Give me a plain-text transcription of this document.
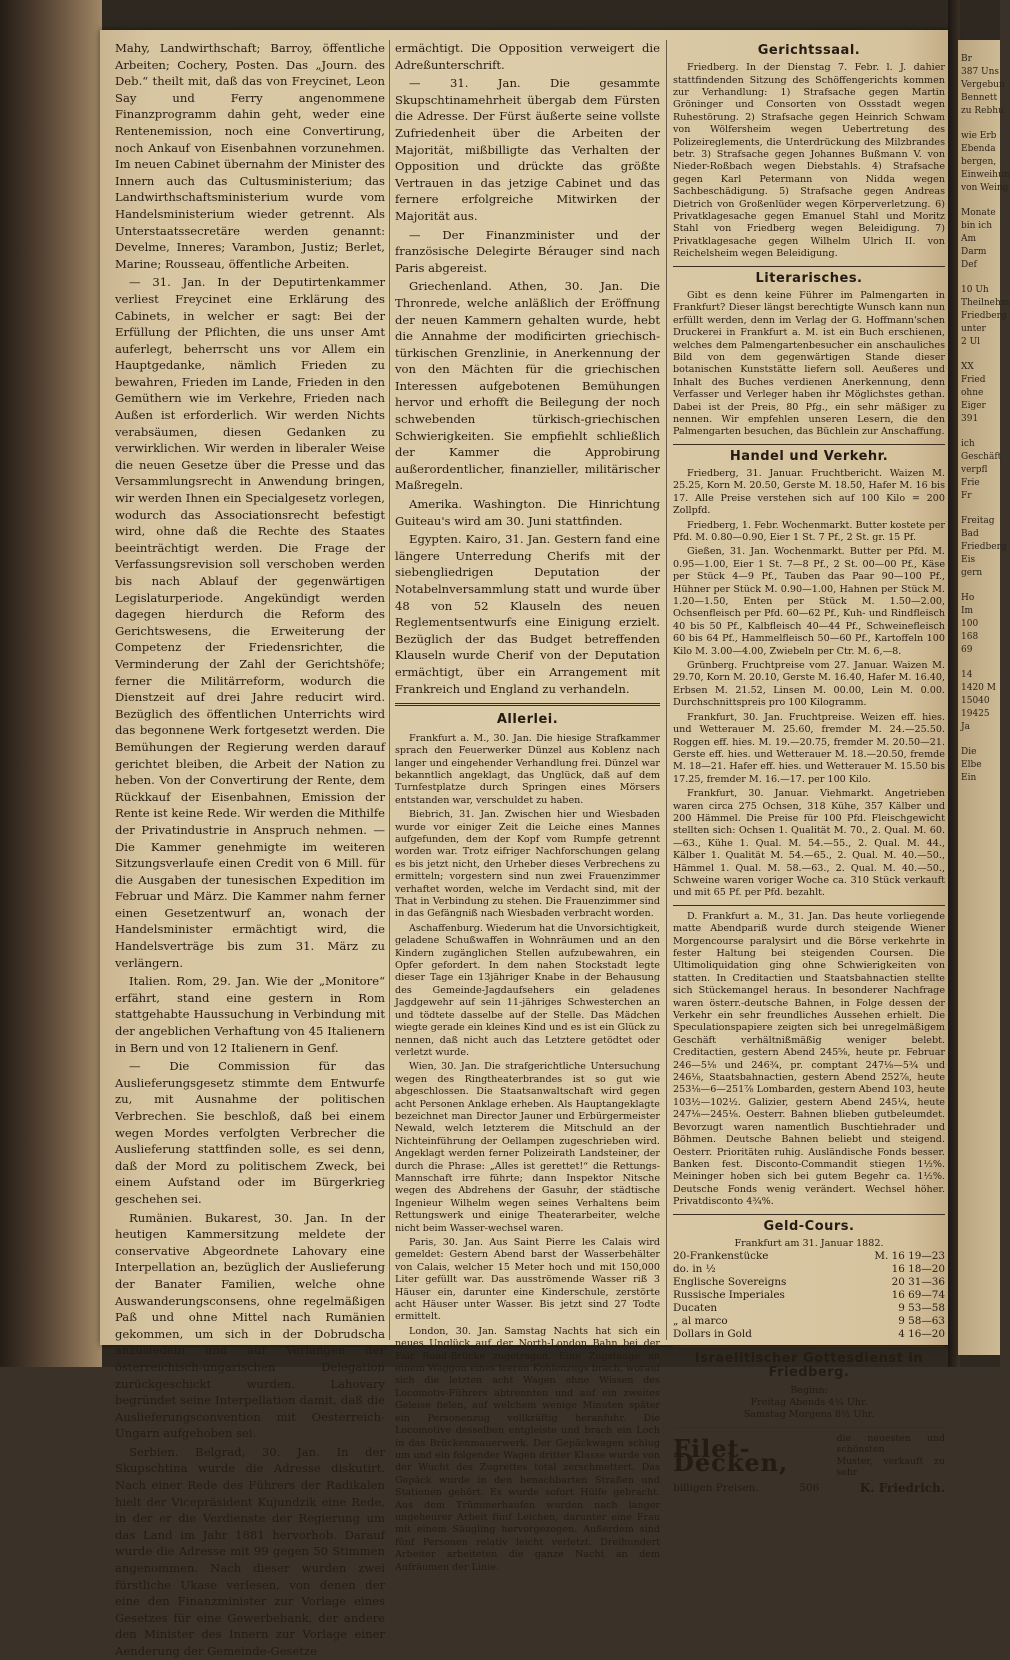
Br
387 Uns
Vergebun
Bennett
zu Rebhu
wie Erb
Ebenda
bergen,
Einweihun
von Weing
Monate
bin ich
Am
Darm
Def
10 Uh
Theilnehm
Friedberg
unter
2 Ul
XX
Fried
ohne
Eiger
391
ich
Geschäft
verpfl
Frie
Fr
Freitag
Bad
Friedberg
Eis
gern
Ho
Im
100
168
69
14
1420 M
15040
19425
Ja
Die
Elbe
Ein

Mahy, Landwirthschaft; Barroy, öffentliche Arbeiten; Cochery, Posten. Das „Journ. des Deb.“ theilt mit, daß das von Freycinet, Leon Say und Ferry angenommene Finanzprogramm dahin geht, weder eine Rentenemission, noch eine Convertirung, noch Ankauf von Eisenbahnen vorzunehmen. Im neuen Cabinet übernahm der Minister des Innern auch das Cultusministerium; das Landwirthschaftsministerium wurde vom Handelsministerium wieder getrennt. Als Unterstaatssecretäre werden genannt: Develme, Inneres; Varambon, Justiz; Berlet, Marine; Rousseau, öffentliche Arbeiten.

— 31. Jan. In der Deputirtenkammer verliest Freycinet eine Erklärung des Cabinets, in welcher er sagt: Bei der Erfüllung der Pflichten, die uns unser Amt auferlegt, beherrscht uns vor Allem ein Hauptgedanke, nämlich Frieden zu bewahren, Frieden im Lande, Frieden in den Gemüthern wie im Verkehre, Frieden nach Außen ist erforderlich. Wir werden Nichts verabsäumen, diesen Gedanken zu verwirklichen. Wir werden in liberaler Weise die neuen Gesetze über die Presse und das Versammlungsrecht in Anwendung bringen, wir werden Ihnen ein Specialgesetz vorlegen, wodurch das Associationsrecht befestigt wird, ohne daß die Rechte des Staates beeinträchtigt werden. Die Frage der Verfassungsrevision soll verschoben werden bis nach Ablauf der gegenwärtigen Legislaturperiode. Angekündigt werden dagegen hierdurch die Reform des Gerichtswesens, die Erweiterung der Competenz der Friedensrichter, die Verminderung der Zahl der Gerichtshöfe; ferner die Militärreform, wodurch die Dienstzeit auf drei Jahre reducirt wird. Bezüglich des öffentlichen Unterrichts wird das begonnene Werk fortgesetzt werden. Die Bemühungen der Regierung werden darauf gerichtet bleiben, die Arbeit der Nation zu heben. Von der Convertirung der Rente, dem Rückkauf der Eisenbahnen, Emission der Rente ist keine Rede. Wir werden die Mithilfe der Privatindustrie in Anspruch nehmen. — Die Kammer genehmigte im weiteren Sitzungsverlaufe einen Credit von 6 Mill. für die Ausgaben der tunesischen Expedition im Februar und März. Die Kammer nahm ferner einen Gesetzentwurf an, wonach der Handelsminister ermächtigt wird, die Handelsverträge bis zum 31. März zu verlängern.

Italien. Rom, 29. Jan. Wie der „Monitore“ erfährt, stand eine gestern in Rom stattgehabte Haussuchung in Verbindung mit der angeblichen Verhaftung von 45 Italienern in Bern und von 12 Italienern in Genf.

— Die Commission für das Auslieferungsgesetz stimmte dem Entwurfe zu, mit Ausnahme der politischen Verbrechen. Sie beschloß, daß bei einem wegen Mordes verfolgten Verbrecher die Auslieferung stattfinden solle, es sei denn, daß der Mord zu politischem Zweck, bei einem Aufstand oder im Bürgerkrieg geschehen sei.

Rumänien. Bukarest, 30. Jan. In der heutigen Kammersitzung meldete der conservative Abgeordnete Lahovary eine Interpellation an, bezüglich der Auslieferung der Banater Familien, welche ohne Auswanderungsconsens, ohne regelmäßigen Paß und ohne Mittel nach Rumänien gekommen, um sich in der Dobrudscha anzusiedeln und auf Verlangen der österreichisch-ungarischen Delegation zurückgeschickt wurden. Lahovary begründet seine Interpellation damit, daß die Auslieferungsconvention mit Oesterreich-Ungarn aufgehoben sei.

Serbien. Belgrad, 30. Jan. In der Skupschtina wurde die Adresse diskutirt. Nach einer Rede des Führers der Radikalen hielt der Vicepräsident Kujundzik eine Rede, in der er die Verdienste der Regierung um das Land im Jahr 1881 hervorhob. Darauf wurde die Adresse mit 99 gegen 50 Stimmen angenommen. Nach dieser wurden zwei fürstliche Ukase verlesen, von denen der eine den Finanzminister zur Vorlage eines Gesetzes für eine Gewerbebank, der andere den Minister des Innern zur Vorlage einer Aenderung der Gemeinde-Gesetze

ermächtigt. Die Opposition verweigert die Adreßunterschrift.

— 31. Jan. Die gesammte Skupschtinamehrheit übergab dem Fürsten die Adresse. Der Fürst äußerte seine vollste Zufriedenheit über die Arbeiten der Majorität, mißbilligte das Verhalten der Opposition und drückte das größte Vertrauen in das jetzige Cabinet und das fernere erfolgreiche Mitwirken der Majorität aus.

— Der Finanzminister und der französische Delegirte Bérauger sind nach Paris abgereist.

Griechenland. Athen, 30. Jan. Die Thronrede, welche anläßlich der Eröffnung der neuen Kammern gehalten wurde, hebt die Annahme der modificirten griechisch-türkischen Grenzlinie, in Anerkennung der von den Mächten für die griechischen Interessen aufgebotenen Bemühungen hervor und erhofft die Beilegung der noch schwebenden türkisch-griechischen Schwierigkeiten. Sie empfiehlt schließlich der Kammer die Approbirung außerordentlicher, finanzieller, militärischer Maßregeln.

Amerika. Washington. Die Hinrichtung Guiteau's wird am 30. Juni stattfinden.

Egypten. Kairo, 31. Jan. Gestern fand eine längere Unterredung Cherifs mit der siebengliedrigen Deputation der Notabelnversammlung statt und wurde über 48 von 52 Klauseln des neuen Reglementsentwurfs eine Einigung erzielt. Bezüglich der das Budget betreffenden Klauseln wurde Cherif von der Deputation ermächtigt, über ein Arrangement mit Frankreich und England zu verhandeln.

Allerlei.

Frankfurt a. M., 30. Jan. Die hiesige Strafkammer sprach den Feuerwerker Dünzel aus Koblenz nach langer und eingehender Verhandlung frei. Dünzel war bekanntlich angeklagt, das Unglück, daß auf dem Turnfestplatze durch Springen eines Mörsers entstanden war, verschuldet zu haben.

Biebrich, 31. Jan. Zwischen hier und Wiesbaden wurde vor einiger Zeit die Leiche eines Mannes aufgefunden, dem der Kopf vom Rumpfe getrennt worden war. Trotz eifriger Nachforschungen gelang es bis jetzt nicht, den Urheber dieses Verbrechens zu ermitteln; vorgestern sind nun zwei Frauenzimmer verhaftet worden, welche im Verdacht sind, mit der That in Verbindung zu stehen. Die Frauenzimmer sind in das Gefängniß nach Wiesbaden verbracht worden.

Aschaffenburg. Wiederum hat die Unvorsichtigkeit, geladene Schußwaffen in Wohnräumen und an den Kindern zugänglichen Stellen aufzubewahren, ein Opfer gefordert. In dem nahen Stockstadt legte dieser Tage ein 13jähriger Knabe in der Behausung des Gemeinde-Jagdaufsehers ein geladenes Jagdgewehr auf sein 11-jähriges Schwesterchen an und tödtete dasselbe auf der Stelle. Das Mädchen wiegte gerade ein kleines Kind und es ist ein Glück zu nennen, daß nicht auch das Letztere getödtet oder verletzt wurde.

Wien, 30. Jan. Die strafgerichtliche Untersuchung wegen des Ringtheaterbrandes ist so gut wie abgeschlossen. Die Staatsanwaltschaft wird gegen acht Personen Anklage erheben. Als Hauptangeklagte bezeichnet man Director Jauner und Erbürgermeister Newald, welch letzterem die Mitschuld an der Nichteinführung der Oellampen zugeschrieben wird. Angeklagt werden ferner Polizeirath Landsteiner, der durch die Phrase: „Alles ist gerettet!“ die Rettungs-Mannschaft irre führte; dann Inspektor Nitsche wegen des Abdrehens der Gasuhr, der städtische Ingenieur Wilhelm wegen seines Verhaltens beim Rettungswerk und einige Theaterarbeiter, welche nicht beim Wasser-wechsel waren.

Paris, 30. Jan. Aus Saint Pierre les Calais wird gemeldet: Gestern Abend barst der Wasserbehälter von Calais, welcher 15 Meter hoch und mit 150,000 Liter gefüllt war. Das ausströmende Wasser riß 3 Häuser ein, darunter eine Kinderschule, zerstörte acht Häuser unter Wasser. Bis jetzt sind 27 Todte ermittelt.

London, 30. Jan. Samstag Nachts hat sich ein neues Unglück auf der North-London Bahn bei der Fair Road-Brücke zugetragen. Eine Zugstange an einem Waggon eines leeren Kohlenzugs brach, worauf sich die letzten acht Wagen ohne Wissen des Locomotiv-Führers abtrennten und auf ein zweites Geleise fielen, auf welchem wenige Minuten später ein Personenzug vollkräftig heranfuhr. Die Locomotive desselben entgleiste und brach ein Loch in das Brückenmauerwerk. Der Gepäckwagen schlug um und ein folgender Wagen dritter Klasse wurde von der Wucht des Zugrettes total zerschmettert. Das Gepäck wurde in den benachbarten Straßen und Stationen gehört. Es wurde sofort Hülfe gebracht. Aus dem Trümmerhaufen wurden nach langer ungeheurer Arbeit fünf Leichen, darunter eine Frau mit einem Säugling hervorgezogen. Außerdem sind fünf Personen relativ leicht verletzt. Dreihundert Arbeiter arbeiteten die ganze Nacht an dem Aufräumen der Linie.

Gerichtssaal.

Friedberg. In der Dienstag 7. Febr. l. J. dahier stattfindenden Sitzung des Schöffengerichts kommen zur Verhandlung: 1) Strafsache gegen Martin Gröninger und Consorten von Ossstadt wegen Ruhestörung. 2) Strafsache gegen Heinrich Schwam von Wölfersheim wegen Uebertretung des Polizeireglements, die Unterdrückung des Milzbrandes betr. 3) Strafsache gegen Johannes Bußmann V. von Nieder-Roßbach wegen Diebstahls. 4) Strafsache gegen Karl Petermann von Nidda wegen Sachbeschädigung. 5) Strafsache gegen Andreas Dietrich von Großenlüder wegen Körperverletzung. 6) Privatklagesache gegen Emanuel Stahl und Moritz Stahl von Friedberg wegen Beleidigung. 7) Privatklagesache gegen Wilhelm Ulrich II. von Reichelsheim wegen Beleidigung.

Literarisches.

Gibt es denn keine Führer im Palmengarten in Frankfurt? Dieser längst berechtigte Wunsch kann nun erfüllt werden, denn im Verlag der G. Hoffmann'schen Druckerei in Frankfurt a. M. ist ein Buch erschienen, welches dem Palmengartenbesucher ein anschauliches Bild von dem gegenwärtigen Stande dieser botanischen Kunststätte liefern soll. Aeußeres und Inhalt des Buches verdienen Anerkennung, denn Verfasser und Verleger haben ihr Möglichstes gethan. Dabei ist der Preis, 80 Pfg., ein sehr mäßiger zu nennen. Wir empfehlen unseren Lesern, die den Palmengarten besuchen, das Büchlein zur Anschaffung.

Handel und Verkehr.

Friedberg, 31. Januar. Fruchtbericht. Waizen M. 25.25, Korn M. 20.50, Gerste M. 18.50, Hafer M. 16 bis 17. Alle Preise verstehen sich auf 100 Kilo = 200 Zollpfd.

Friedberg, 1. Febr. Wochenmarkt. Butter kostete per Pfd. M. 0.80—0.90, Eier 1 St. 7 Pf., 2 St. gr. 15 Pf.

Gießen, 31. Jan. Wochenmarkt. Butter per Pfd. M. 0.95—1.00, Eier 1 St. 7—8 Pf., 2 St. 00—00 Pf., Käse per Stück 4—9 Pf., Tauben das Paar 90—100 Pf., Hühner per Stück M. 0.90—1.00, Hahnen per Stück M. 1.20—1.50, Enten per Stück M. 1.50—2.00, Ochsenfleisch per Pfd. 60—62 Pf., Kuh- und Rindfleisch 40 bis 50 Pf., Kalbfleisch 40—44 Pf., Schweinefleisch 60 bis 64 Pf., Hammelfleisch 50—60 Pf., Kartoffeln 100 Kilo M. 3.00—4.00, Zwiebeln per Ctr. M. 6,—8.

Grünberg. Fruchtpreise vom 27. Januar. Waizen M. 29.70, Korn M. 20.10, Gerste M. 16.40, Hafer M. 16.40, Erbsen M. 21.52, Linsen M. 00.00, Lein M. 0.00. Durchschnittspreis pro 100 Kilogramm.

Frankfurt, 30. Jan. Fruchtpreise. Weizen eff. hies. und Wetterauer M. 25.60, fremder M. 24.—25.50. Roggen eff. hies. M. 19.—20.75, fremder M. 20.50—21. Gerste eff. hies. und Wetterauer M. 18.—20.50, fremde M. 18—21. Hafer eff. hies. und Wetterauer M. 15.50 bis 17.25, fremder M. 16.—17. per 100 Kilo.

Frankfurt, 30. Januar. Viehmarkt. Angetrieben waren circa 275 Ochsen, 318 Kühe, 357 Kälber und 200 Hämmel. Die Preise für 100 Pfd. Fleischgewicht stellten sich: Ochsen 1. Qualität M. 70., 2. Qual. M. 60.—63., Kühe 1. Qual. M. 54.—55., 2. Qual. M. 44., Kälber 1. Qualität M. 54.—65., 2. Qual. M. 40.—50., Hämmel 1. Qual. M. 58.—63., 2. Qual. M. 40.—50., Schweine waren voriger Woche ca. 310 Stück verkauft und mit 65 Pf. per Pfd. bezahlt.

D. Frankfurt a. M., 31. Jan. Das heute vorliegende matte Abendpariß wurde durch steigende Wiener Morgencourse paralysirt und die Börse verkehrte in fester Haltung bei steigenden Coursen. Die Ultimoliquidation ging ohne Schwierigkeiten von statten. In Creditactien und Staatsbahnactien stellte sich Stückemangel heraus. In besonderer Nachfrage waren österr.-deutsche Bahnen, in Folge dessen der Verkehr ein sehr freundliches Aussehen erhielt. Die Speculationspapiere zeigten sich bei unregelmäßigem Geschäft verhältnißmäßig weniger belebt. Creditactien, gestern Abend 245⅝, heute pr. Februar 246—5⅛ und 246¾, pr. comptant 247⅛—5¾ und 246⅛, Staatsbahnactien, gestern Abend 252⅞, heute 253⅛—6—251⅞ Lombarden, gestern Abend 103, heute 103½—102½. Galizier, gestern Abend 245¼, heute 247⅛—245⅛. Oesterr. Bahnen blieben gutbeleumdet. Bevorzugt waren namentlich Buschtiehrader und Böhmen. Deutsche Bahnen beliebt und steigend. Oesterr. Prioritäten ruhig. Ausländische Fonds besser. Banken fest. Disconto-Commandit stiegen 1½%. Meininger hoben sich bei gutem Begehr ca. 1½%. Deutsche Fonds wenig verändert. Wechsel höher. Privatdisconto 4¾%.

Geld-Cours.
Frankfurt am 31. Januar 1882.
20-Frankenstücke	M. 16 19—23
do. in ½	16 18—20
Englische Sovereigns	20 31—36
Russische Imperiales	16 69—74
Ducaten	9 53—58
„ al marco	9 58—63
Dollars in Gold	4 16—20
Israelitischer Gottesdienst in Friedberg.
Beginn:
Freitag Abends 4¾ Uhr.
Samstag Morgens 8½ Uhr.
Filet-Decken,
die neuesten und schönsten
Muster, verkauft zu sehr
billigen Preisen.	506	K. Friedrich.
